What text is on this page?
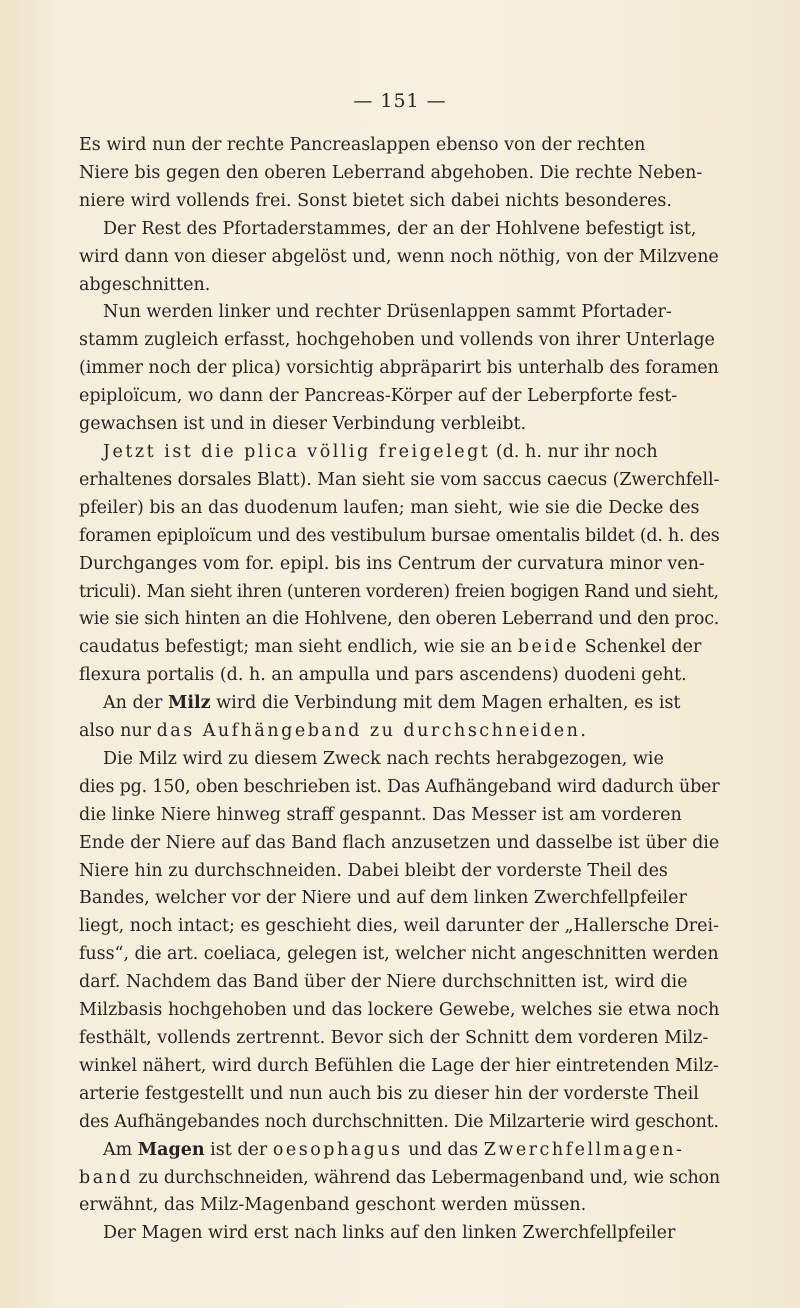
— 151 —
Es wird nun der rechte Pancreaslappen ebenso von der rechten
Niere bis gegen den oberen Leberrand abgehoben. Die rechte Neben-
niere wird vollends frei. Sonst bietet sich dabei nichts besonderes.
Der Rest des Pfortaderstammes, der an der Hohlvene befestigt ist,
wird dann von dieser abgelöst und, wenn noch nöthig, von der Milzvene
abgeschnitten.
Nun werden linker und rechter Drüsenlappen sammt Pfortader-
stamm zugleich erfasst, hochgehoben und vollends von ihrer Unterlage
(immer noch der plica) vorsichtig abpräparirt bis unterhalb des foramen
epiploïcum, wo dann der Pancreas-Körper auf der Leberpforte fest-
gewachsen ist und in dieser Verbindung verbleibt.
Jetzt ist die plica völlig freigelegt (d. h. nur ihr noch
erhaltenes dorsales Blatt). Man sieht sie vom saccus caecus (Zwerchfell-
pfeiler) bis an das duodenum laufen; man sieht, wie sie die Decke des
foramen epiploïcum und des vestibulum bursae omentalis bildet (d. h. des
Durchganges vom for. epipl. bis ins Centrum der curvatura minor ven-
triculi). Man sieht ihren (unteren vorderen) freien bogigen Rand und sieht,
wie sie sich hinten an die Hohlvene, den oberen Leberrand und den proc.
caudatus befestigt; man sieht endlich, wie sie an beide Schenkel der
flexura portalis (d. h. an ampulla und pars ascendens) duodeni geht.
An der Milz wird die Verbindung mit dem Magen erhalten, es ist
also nur das Aufhängeband zu durchschneiden.
Die Milz wird zu diesem Zweck nach rechts herabgezogen, wie
dies pg. 150, oben beschrieben ist. Das Aufhängeband wird dadurch über
die linke Niere hinweg straff gespannt. Das Messer ist am vorderen
Ende der Niere auf das Band flach anzusetzen und dasselbe ist über die
Niere hin zu durchschneiden. Dabei bleibt der vorderste Theil des
Bandes, welcher vor der Niere und auf dem linken Zwerchfellpfeiler
liegt, noch intact; es geschieht dies, weil darunter der „Hallersche Drei-
fuss“, die art. coeliaca, gelegen ist, welcher nicht angeschnitten werden
darf. Nachdem das Band über der Niere durchschnitten ist, wird die
Milzbasis hochgehoben und das lockere Gewebe, welches sie etwa noch
festhält, vollends zertrennt. Bevor sich der Schnitt dem vorderen Milz-
winkel nähert, wird durch Befühlen die Lage der hier eintretenden Milz-
arterie festgestellt und nun auch bis zu dieser hin der vorderste Theil
des Aufhängebandes noch durchschnitten. Die Milzarterie wird geschont.
Am Magen ist der oesophagus und das Zwerchfellmagen-
band zu durchschneiden, während das Lebermagenband und, wie schon
erwähnt, das Milz-Magenband geschont werden müssen.
Der Magen wird erst nach links auf den linken Zwerchfellpfeiler
